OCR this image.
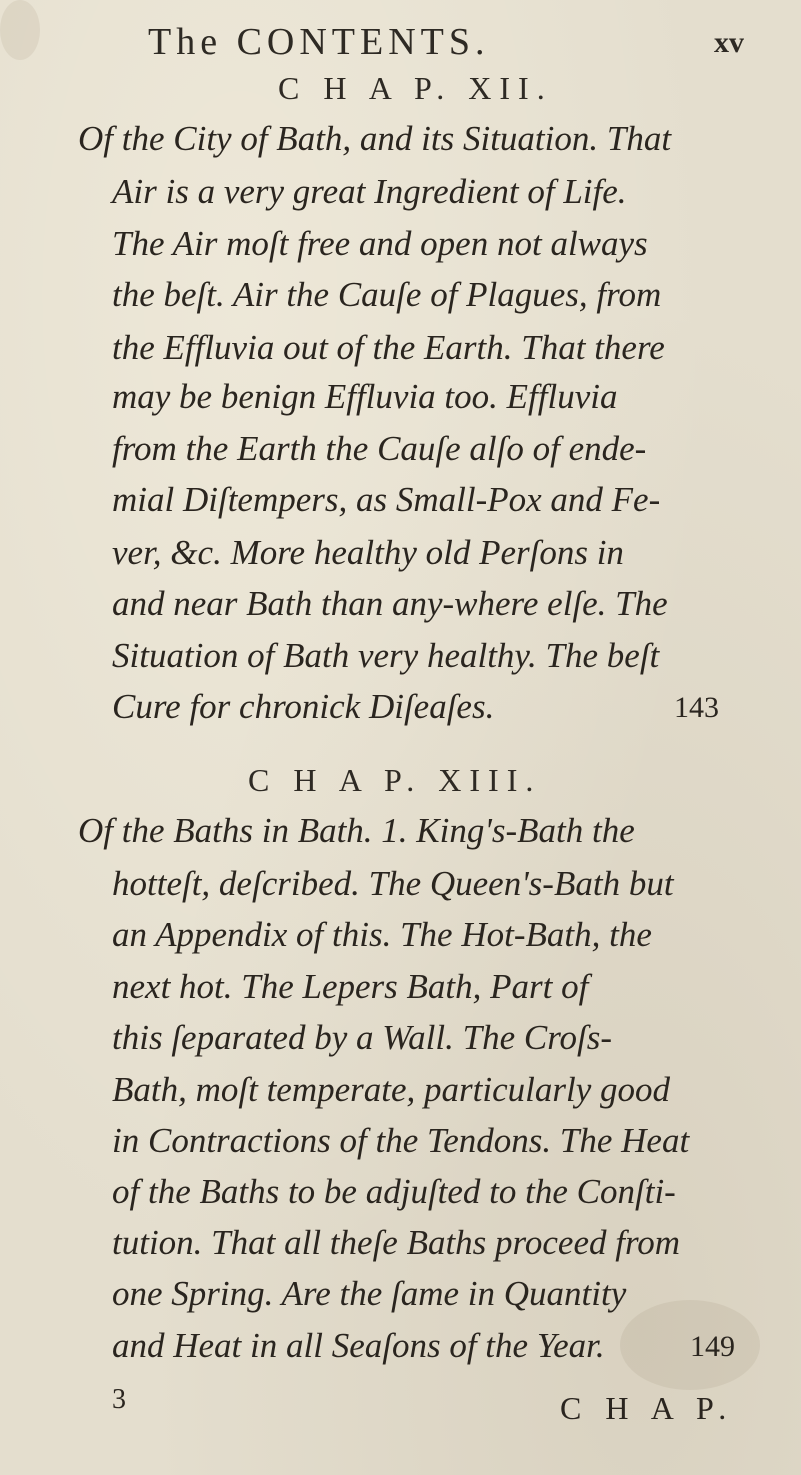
The CONTENTS.	xv
C H A P. XII.
Of the City of Bath, and its Situation. That
Air is a very great Ingredient of Life.
The Air moſt free and open not always
the beſt. Air the Cauſe of Plagues, from
the Effluvia out of the Earth. That there
may be benign Effluvia too. Effluvia
from the Earth the Cauſe alſo of ende-
mial Diſtempers, as Small-Pox and Fe-
ver, &c. More healthy old Perſons in
and near Bath than any-where elſe. The
Situation of Bath very healthy. The beſt
Cure for chronick Diſeaſes.	143
C H A P. XIII.
Of the Baths in Bath. 1. King's-Bath the
hotteſt, deſcribed. The Queen's-Bath but
an Appendix of this. The Hot-Bath, the
next hot. The Lepers Bath, Part of
this ſeparated by a Wall. The Croſs-
Bath, moſt temperate, particularly good
in Contractions of the Tendons. The Heat
of the Baths to be adjuſted to the Conſti-
tution. That all theſe Baths proceed from
one Spring. Are the ſame in Quantity
and Heat in all Seaſons of the Year.	149
3	C H A P.
